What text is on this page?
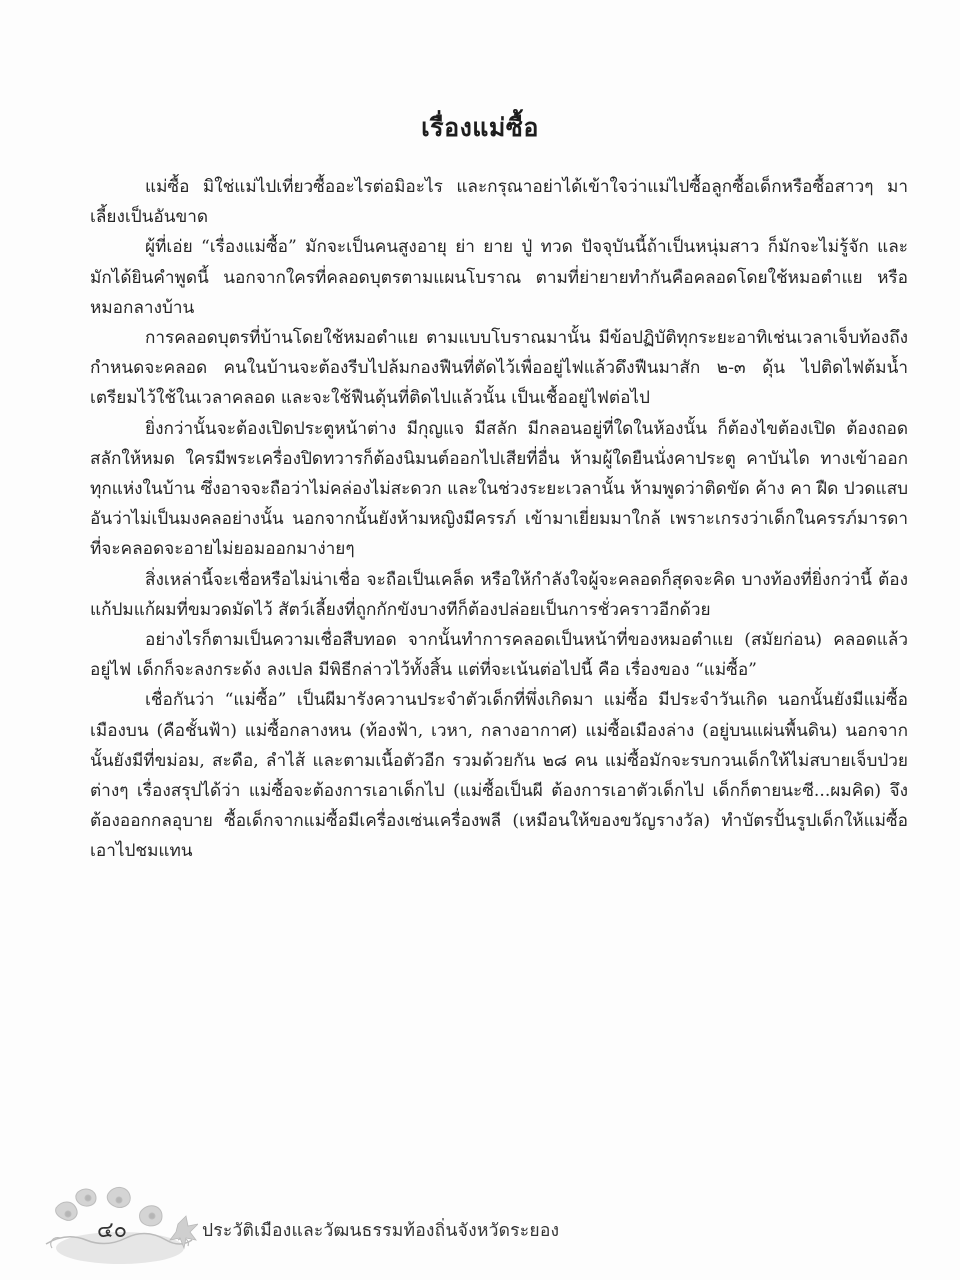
เรื่องแม่ซื้อ

แม่ซื้อ มิใช่แม่ไปเที่ยวซื้ออะไรต่อมิอะไร และกรุณาอย่าได้เข้าใจว่าแม่ไปซื้อลูกซื้อเด็กหรือซื้อสาวๆ มาเลี้ยงเป็นอันขาด

ผู้ที่เอ่ย “เรื่องแม่ซื้อ” มักจะเป็นคนสูงอายุ ย่า ยาย ปู่ ทวด ปัจจุบันนี้ถ้าเป็นหนุ่มสาว ก็มักจะไม่รู้จัก และมักได้ยินคำพูดนี้ นอกจากใครที่คลอดบุตรตามแผนโบราณ ตามที่ย่ายายทำกันคือคลอดโดยใช้หมอตำแย หรือหมอกลางบ้าน

การคลอดบุตรที่บ้านโดยใช้หมอตำแย ตามแบบโบราณมานั้น มีข้อปฏิบัติทุกระยะอาทิเช่นเวลาเจ็บท้องถึงกำหนดจะคลอด คนในบ้านจะต้องรีบไปล้มกองฟืนที่ตัดไว้เพื่ออยู่ไฟแล้วดึงฟืนมาสัก ๒-๓ ดุ้น ไปติดไฟต้มน้ำเตรียมไว้ใช้ในเวลาคลอด และจะใช้ฟืนดุ้นที่ติดไปแล้วนั้น เป็นเชื้ออยู่ไฟต่อไป

ยิ่งกว่านั้นจะต้องเปิดประตูหน้าต่าง มีกุญแจ มีสลัก มีกลอนอยู่ที่ใดในห้องนั้น ก็ต้องไขต้องเปิด ต้องถอดสลักให้หมด ใครมีพระเครื่องปิดทวารก็ต้องนิมนต์ออกไปเสียที่อื่น ห้ามผู้ใดยืนนั่งคาประตู คาบันได ทางเข้าออกทุกแห่งในบ้าน ซึ่งอาจจะถือว่าไม่คล่องไม่สะดวก และในช่วงระยะเวลานั้น ห้ามพูดว่าติดขัด ค้าง คา ฝืด ปวดแสบ อันว่าไม่เป็นมงคลอย่างนั้น นอกจากนั้นยังห้ามหญิงมีครรภ์ เข้ามาเยี่ยมมาใกล้ เพราะเกรงว่าเด็กในครรภ์มารดาที่จะคลอดจะอายไม่ยอมออกมาง่ายๆ

สิ่งเหล่านี้จะเชื่อหรือไม่น่าเชื่อ จะถือเป็นเคล็ด หรือให้กำลังใจผู้จะคลอดก็สุดจะคิด บางท้องที่ยิ่งกว่านี้ ต้องแก้ปมแก้ผมที่ขมวดมัดไว้ สัตว์เลี้ยงที่ถูกกักขังบางทีก็ต้องปล่อยเป็นการชั่วคราวอีกด้วย

อย่างไรก็ตามเป็นความเชื่อสืบทอด จากนั้นทำการคลอดเป็นหน้าที่ของหมอตำแย (สมัยก่อน) คลอดแล้วอยู่ไฟ เด็กก็จะลงกระด้ง ลงเปล มีพิธีกล่าวไว้ทั้งสิ้น แต่ที่จะเน้นต่อไปนี้ คือ เรื่องของ “แม่ซื้อ”

เชื่อกันว่า “แม่ซื้อ” เป็นผีมารังควานประจำตัวเด็กที่พึ่งเกิดมา แม่ซื้อ มีประจำวันเกิด นอกนั้นยังมีแม่ซื้อเมืองบน (คือชั้นฟ้า) แม่ซื้อกลางหน (ท้องฟ้า, เวหา, กลางอากาศ) แม่ซื้อเมืองล่าง (อยู่บนแผ่นพื้นดิน) นอกจากนั้นยังมีที่ขม่อม, สะดือ, ลำไส้ และตามเนื้อตัวอีก รวมด้วยกัน ๒๘ คน แม่ซื้อมักจะรบกวนเด็กให้ไม่สบายเจ็บป่วยต่างๆ เรื่องสรุปได้ว่า แม่ซื้อจะต้องการเอาเด็กไป (แม่ซื้อเป็นผี ต้องการเอาตัวเด็กไป เด็กก็ตายนะซี...ผมคิด) จึงต้องออกกลอุบาย ซื้อเด็กจากแม่ซื้อมีเครื่องเซ่นเครื่องพลี (เหมือนให้ของขวัญรางวัล) ทำบัตรปั้นรูปเด็กให้แม่ซื้อเอาไปชมแทน

๔๐	ประวัติเมืองและวัฒนธรรมท้องถิ่นจังหวัดระยอง
